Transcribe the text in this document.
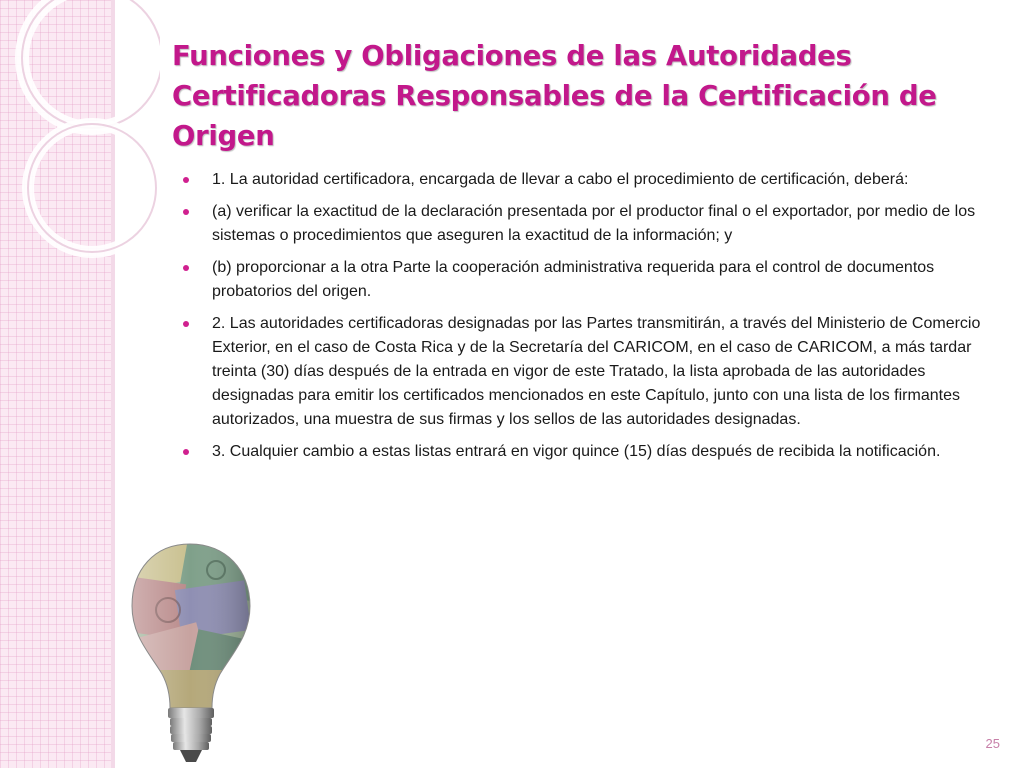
Funciones y Obligaciones de las Autoridades Certificadoras Responsables de la Certificación de Origen
1. La autoridad certificadora, encargada de llevar a cabo el procedimiento de certificación, deberá:
(a) verificar la exactitud de la declaración presentada por el productor final o el exportador, por medio de los sistemas o procedimientos que aseguren la exactitud de la información; y
(b) proporcionar a la otra Parte la cooperación administrativa requerida para el control de documentos probatorios del origen.
2. Las autoridades certificadoras designadas por las Partes transmitirán, a través del Ministerio de Comercio Exterior, en el caso de Costa Rica y de la Secretaría del CARICOM, en el caso de CARICOM, a más tardar treinta (30) días después de la entrada en vigor de este Tratado, la lista aprobada de las autoridades designadas para emitir los certificados mencionados en este Capítulo, junto con una lista de los firmantes autorizados, una muestra de sus firmas y los sellos de las autoridades designadas.
3. Cualquier cambio a estas listas entrará en vigor quince (15) días después de recibida la notificación.
25
